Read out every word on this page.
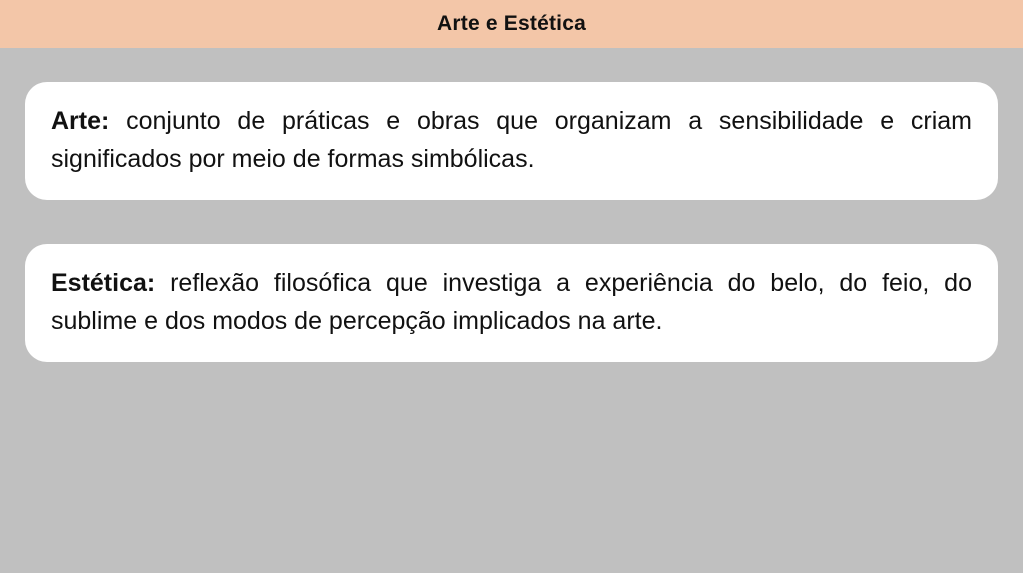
Arte e Estética

Arte: conjunto de práticas e obras que organizam a sensibilidade e criam significados por meio de formas simbólicas.

Estética: reflexão filosófica que investiga a experiência do belo, do feio, do sublime e dos modos de percepção implicados na arte.
